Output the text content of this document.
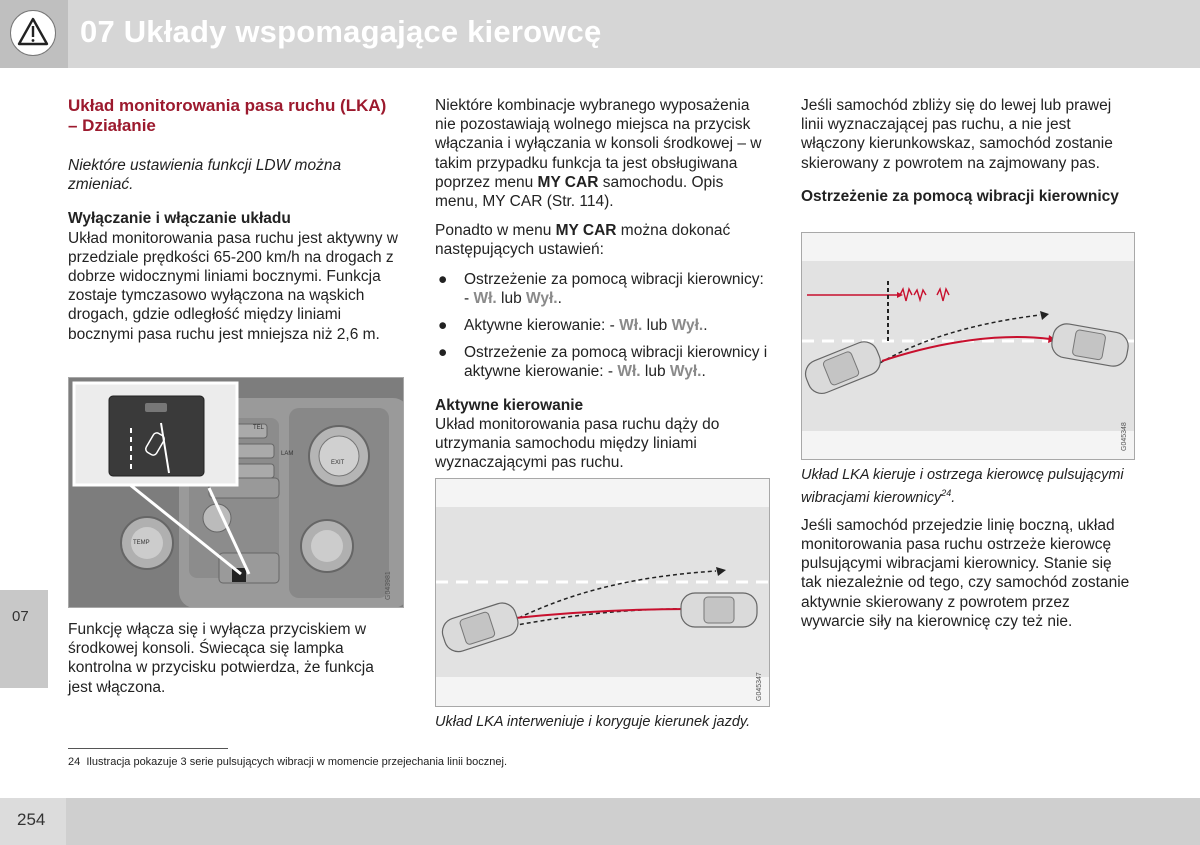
07 Układy wspomagające kierowcę
07

Układ monitorowania pasa ruchu (LKA) – Działanie

Niektóre ustawienia funkcji LDW można zmieniać.

Wyłączanie i włączanie układu

Układ monitorowania pasa ruchu jest aktywny w przedziale prędkości 65-200 km/h na drogach z dobrze widocznymi liniami bocznymi. Funkcja zostaje tymczasowo wyłączona na wąskich drogach, gdzie odległość między liniami bocznymi pasa ruchu jest mniejsza niż 2,6 m.

TEL
LAM
EXIT
TEMP
G043981

Funkcję włącza się i wyłącza przyciskiem w środkowej konsoli. Świecąca się lampka kontrolna w przycisku potwierdza, że funkcja jest włączona.

Niektóre kombinacje wybranego wyposażenia nie pozostawiają wolnego miejsca na przycisk włączania i wyłączania w konsoli środkowej – w takim przypadku funkcja ta jest obsługiwana poprzez menu MY CAR samochodu. Opis menu, MY CAR (Str. 114).

Ponadto w menu MY CAR można dokonać następujących ustawień:

● Ostrzeżenie za pomocą wibracji kierownicy: - Wł. lub Wył..
● Aktywne kierowanie: - Wł. lub Wył..
● Ostrzeżenie za pomocą wibracji kierownicy i aktywne kierowanie: - Wł. lub Wył..

Aktywne kierowanie

Układ monitorowania pasa ruchu dąży do utrzymania samochodu między liniami wyznaczającymi pas ruchu.

G045347

Układ LKA interweniuje i koryguje kierunek jazdy.

Jeśli samochód zbliży się do lewej lub prawej linii wyznaczającej pas ruchu, a nie jest włączony kierunkowskaz, samochód zostanie skierowany z powrotem na zajmowany pas.

Ostrzeżenie za pomocą wibracji kierownicy

G045348

Układ LKA kieruje i ostrzega kierowcę pulsującymi wibracjami kierownicy$^{24}$.

Jeśli samochód przejedzie linię boczną, układ monitorowania pasa ruchu ostrzeże kierowcę pulsującymi wibracjami kierownicy. Stanie się tak niezależnie od tego, czy samochód zostanie aktywnie skierowany z powrotem przez wywarcie siły na kierownicę czy też nie.

24 Ilustracja pokazuje 3 serie pulsujących wibracji w momencie przejechania linii bocznej.
254
